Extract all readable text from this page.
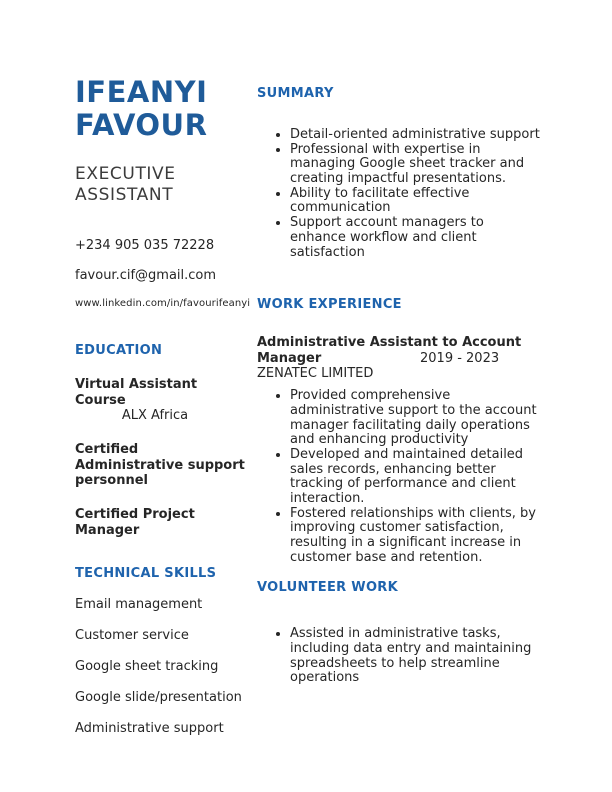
IFEANYI
FAVOUR
EXECUTIVE
ASSISTANT
+234 905 035 72228
favour.cif@gmail.com
www.linkedin.com/in/favourifeanyi
EDUCATION
Virtual Assistant Course
ALX Africa
Certified Administrative support personnel
Certified Project Manager
TECHNICAL SKILLS
Email management
Customer service
Google sheet tracking
Google slide/presentation
Administrative support
SUMMARY
• Detail-oriented administrative support
• Professional with expertise in managing Google sheet tracker and creating impactful presentations.
• Ability to facilitate effective communication
• Support account managers to enhance workflow and client satisfaction
WORK EXPERIENCE
Administrative Assistant to Account
Manager	2019 - 2023
ZENATEC LIMITED
• Provided comprehensive administrative support to the account manager facilitating daily operations and enhancing productivity
• Developed and maintained detailed sales records, enhancing better tracking of performance and client interaction.
• Fostered relationships with clients, by improving customer satisfaction, resulting in a significant increase in customer base and retention.
VOLUNTEER WORK
• Assisted in administrative tasks, including data entry and maintaining spreadsheets to help streamline operations
